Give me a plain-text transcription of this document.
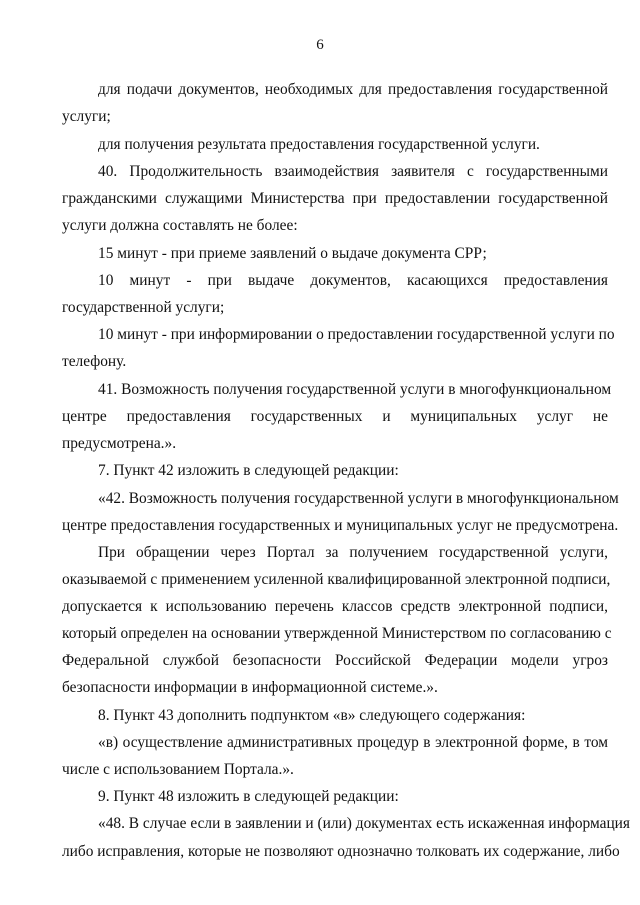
6
для подачи документов, необходимых для предоставления государственной
услуги;
для получения результата предоставления государственной услуги.
40. Продолжительность взаимодействия заявителя с государственными
гражданскими служащими Министерства при предоставлении государственной
услуги должна составлять не более:
15 минут - при приеме заявлений о выдаче документа СРР;
10 минут - при выдаче документов, касающихся предоставления
государственной услуги;
10 минут - при информировании о предоставлении государственной услуги по
телефону.
41. Возможность получения государственной услуги в многофункциональном
центре предоставления государственных и муниципальных услуг не
предусмотрена.».
7. Пункт 42 изложить в следующей редакции:
«42. Возможность получения государственной услуги в многофункциональном
центре предоставления государственных и муниципальных услуг не предусмотрена.
При обращении через Портал за получением государственной услуги,
оказываемой с применением усиленной квалифицированной электронной подписи,
допускается к использованию перечень классов средств электронной подписи,
который определен на основании утвержденной Министерством по согласованию с
Федеральной службой безопасности Российской Федерации модели угроз
безопасности информации в информационной системе.».
8. Пункт 43 дополнить подпунктом «в» следующего содержания:
«в) осуществление административных процедур в электронной форме, в том
числе с использованием Портала.».
9. Пункт 48 изложить в следующей редакции:
«48. В случае если в заявлении и (или) документах есть искаженная информация
либо исправления, которые не позволяют однозначно толковать их содержание, либо
